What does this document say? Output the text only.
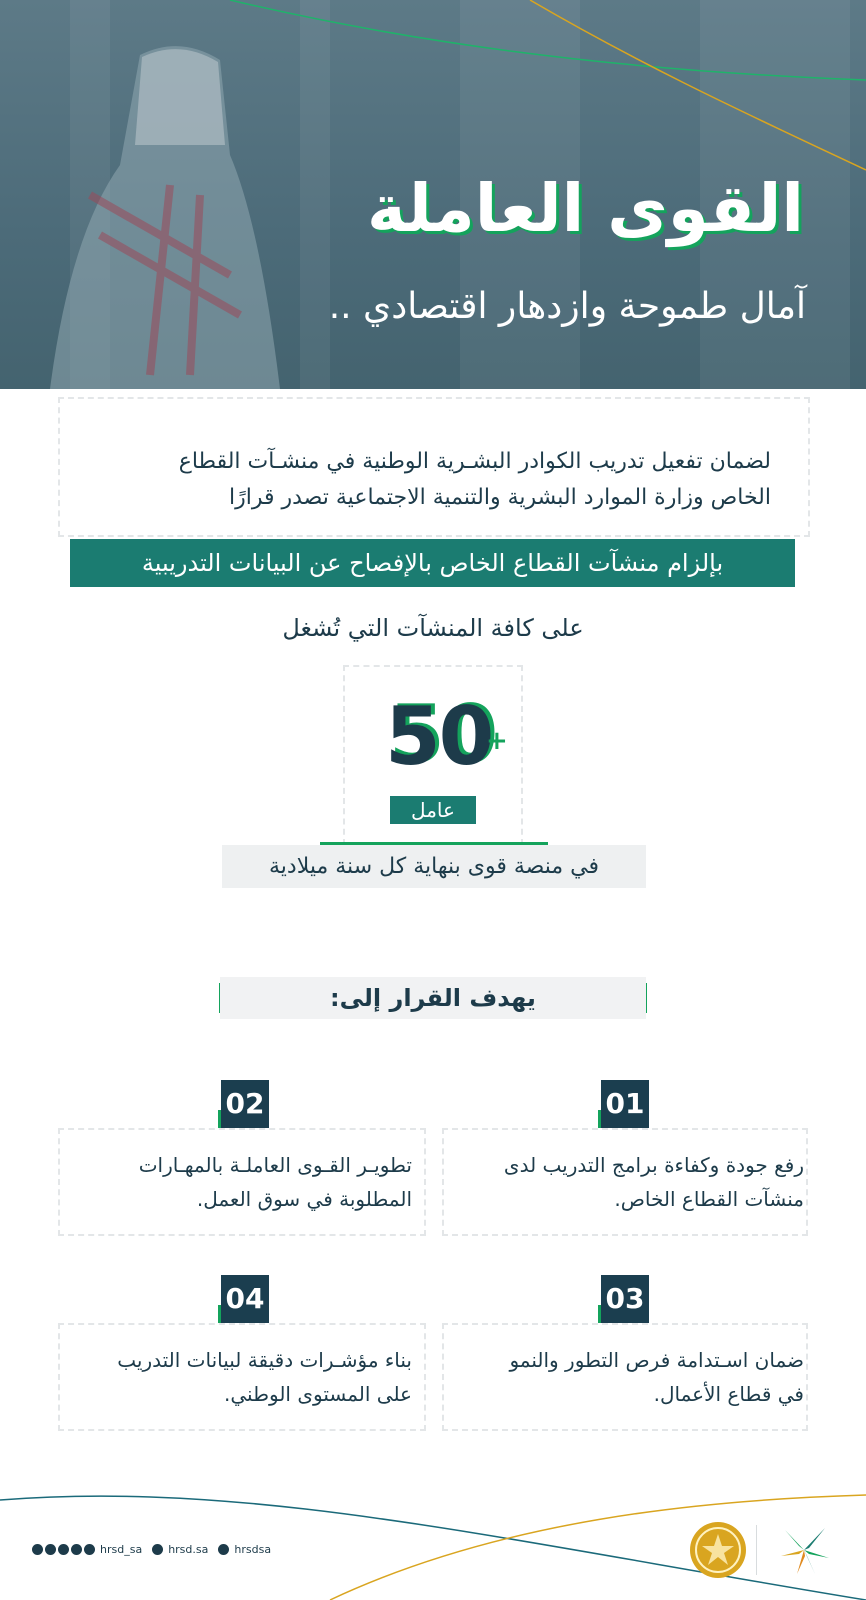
القوى العاملة
آمال طموحة وازدهار اقتصادي ..
لضمان تفعيل تدريب الكوادر البشـرية الوطنية في منشـآت القطاع
الخاص وزارة الموارد البشرية والتنمية الاجتماعية تصدر قرارًا
بإلزام منشآت القطاع الخاص بالإفصاح عن البيانات التدريبية
على كافة المنشآت التي تُشغل
50
+
عامل
في منصة قوى بنهاية كل سنة ميلادية
يهدف القرار إلى:
01
رفع جودة وكفاءة برامج التدريب لدى
منشآت القطاع الخاص.
02
تطويـر القـوى العاملـة بالمهـارات
المطلوبة في سوق العمل.
03
ضمان اسـتدامة فرص التطور والنمو
في قطاع الأعمال.
04
بناء مؤشـرات دقيقة لبيانات التدريب
على المستوى الوطني.
hrsd_sa hrsd.sa hrsdsa
